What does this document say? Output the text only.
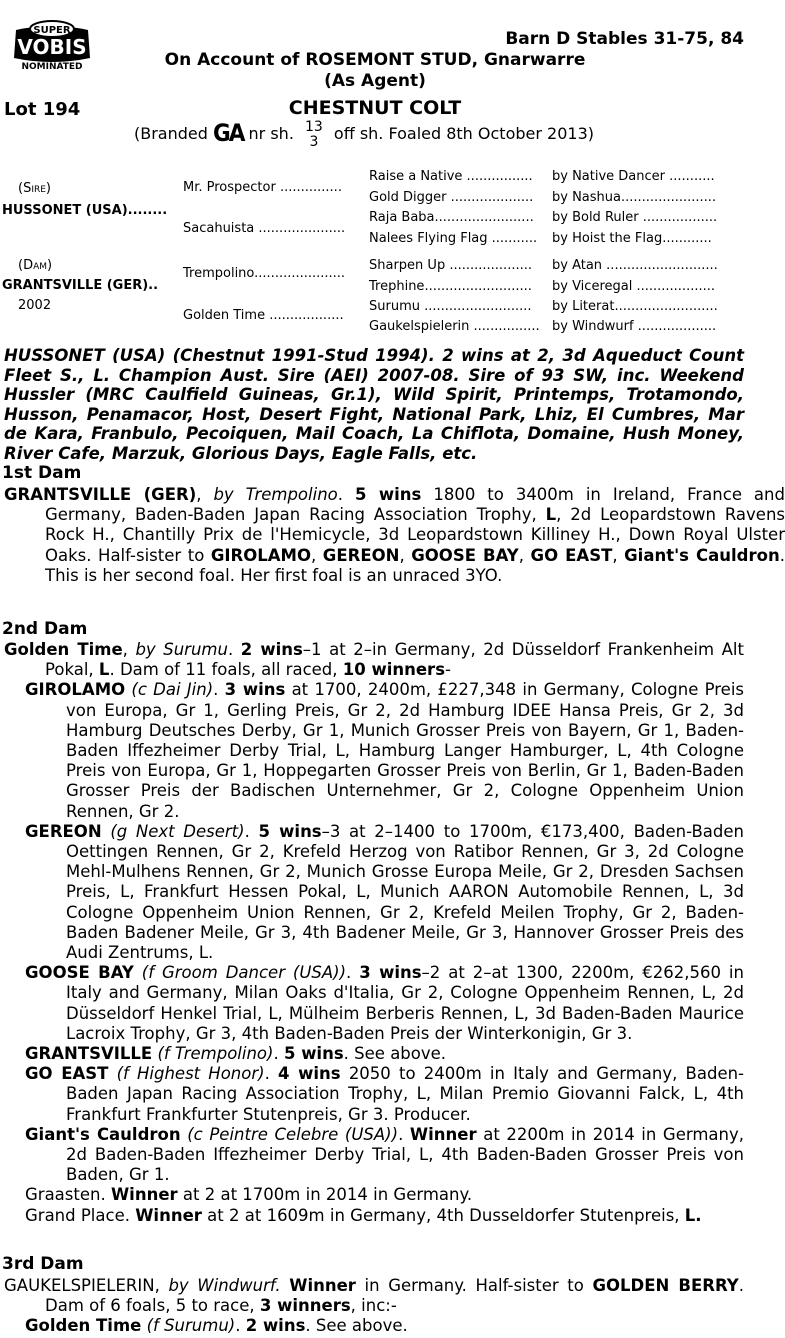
SUPER
VOBIS
NOMINATED
Barn D Stables 31-75, 84
On Account of ROSEMONT STUD, Gnarwarre
(As Agent)
Lot 194	CHESTNUT COLT
(Branded GA nr sh. 13
3 off sh. Foaled 8th October 2013)
(Sire)
HUSSONET (USA)........
(Dam)
GRANTSVILLE (GER)..
2002
Mr. Prospector ...............
Sacahuista .....................
Trempolino......................
Golden Time ..................
Raise a Native ................
Gold Digger ....................
Raja Baba........................
Nalees Flying Flag ...........
Sharpen Up ....................
Trephine..........................
Surumu ..........................
Gaukelspielerin ................
by Native Dancer ...........
by Nashua.......................
by Bold Ruler ..................
by Hoist the Flag............
by Atan ...........................
by Viceregal ...................
by Literat.........................
by Windwurf ...................
HUSSONET (USA) (Chestnut 1991-Stud 1994). 2 wins at 2, 3d Aqueduct Count Fleet S., L. Champion Aust. Sire (AEI) 2007-08. Sire of 93 SW, inc. Weekend Hussler (MRC Caulfield Guineas, Gr.1), Wild Spirit, Printemps, Trotamondo, Husson, Penamacor, Host, Desert Fight, National Park, Lhiz, El Cumbres, Mar de Kara, Franbulo, Pecoiquen, Mail Coach, La Chiflota, Domaine, Hush Money, River Cafe, Marzuk, Glorious Days, Eagle Falls, etc.
1st Dam
GRANTSVILLE (GER), by Trempolino. 5 wins 1800 to 3400m in Ireland, France and Germany, Baden-Baden Japan Racing Association Trophy, L, 2d Leopardstown Ravens Rock H., Chantilly Prix de l'Hemicycle, 3d Leopardstown Killiney H., Down Royal Ulster Oaks. Half-sister to GIROLAMO, GEREON, GOOSE BAY, GO EAST, Giant's Cauldron. This is her second foal. Her first foal is an unraced 3YO.
2nd Dam
Golden Time, by Surumu. 2 wins–1 at 2–in Germany, 2d Düsseldorf Frankenheim Alt Pokal, L. Dam of 11 foals, all raced, 10 winners-
GIROLAMO (c Dai Jin). 3 wins at 1700, 2400m, £227,348 in Germany, Cologne Preis von Europa, Gr 1, Gerling Preis, Gr 2, 2d Hamburg IDEE Hansa Preis, Gr 2, 3d Hamburg Deutsches Derby, Gr 1, Munich Grosser Preis von Bayern, Gr 1, Baden-Baden Iffezheimer Derby Trial, L, Hamburg Langer Hamburger, L, 4th Cologne Preis von Europa, Gr 1, Hoppegarten Grosser Preis von Berlin, Gr 1, Baden-Baden Grosser Preis der Badischen Unternehmer, Gr 2, Cologne Oppenheim Union Rennen, Gr 2.
GEREON (g Next Desert). 5 wins–3 at 2–1400 to 1700m, €173,400, Baden-Baden Oettingen Rennen, Gr 2, Krefeld Herzog von Ratibor Rennen, Gr 3, 2d Cologne Mehl-Mulhens Rennen, Gr 2, Munich Grosse Europa Meile, Gr 2, Dresden Sachsen Preis, L, Frankfurt Hessen Pokal, L, Munich AARON Automobile Rennen, L, 3d Cologne Oppenheim Union Rennen, Gr 2, Krefeld Meilen Trophy, Gr 2, Baden-Baden Badener Meile, Gr 3, 4th Badener Meile, Gr 3, Hannover Grosser Preis des Audi Zentrums, L.
GOOSE BAY (f Groom Dancer (USA)). 3 wins–2 at 2–at 1300, 2200m, €262,560 in Italy and Germany, Milan Oaks d'Italia, Gr 2, Cologne Oppenheim Rennen, L, 2d Düsseldorf Henkel Trial, L, Mülheim Berberis Rennen, L, 3d Baden-Baden Maurice Lacroix Trophy, Gr 3, 4th Baden-Baden Preis der Winterkonigin, Gr 3.
GRANTSVILLE (f Trempolino). 5 wins. See above.
GO EAST (f Highest Honor). 4 wins 2050 to 2400m in Italy and Germany, Baden-Baden Japan Racing Association Trophy, L, Milan Premio Giovanni Falck, L, 4th Frankfurt Frankfurter Stutenpreis, Gr 3. Producer.
Giant's Cauldron (c Peintre Celebre (USA)). Winner at 2200m in 2014 in Germany, 2d Baden-Baden Iffezheimer Derby Trial, L, 4th Baden-Baden Grosser Preis von Baden, Gr 1.
Graasten. Winner at 2 at 1700m in 2014 in Germany.
Grand Place. Winner at 2 at 1609m in Germany, 4th Dusseldorfer Stutenpreis, L.
3rd Dam
GAUKELSPIELERIN, by Windwurf. Winner in Germany. Half-sister to GOLDEN BERRY. Dam of 6 foals, 5 to race, 3 winners, inc:-
Golden Time (f Surumu). 2 wins. See above.
